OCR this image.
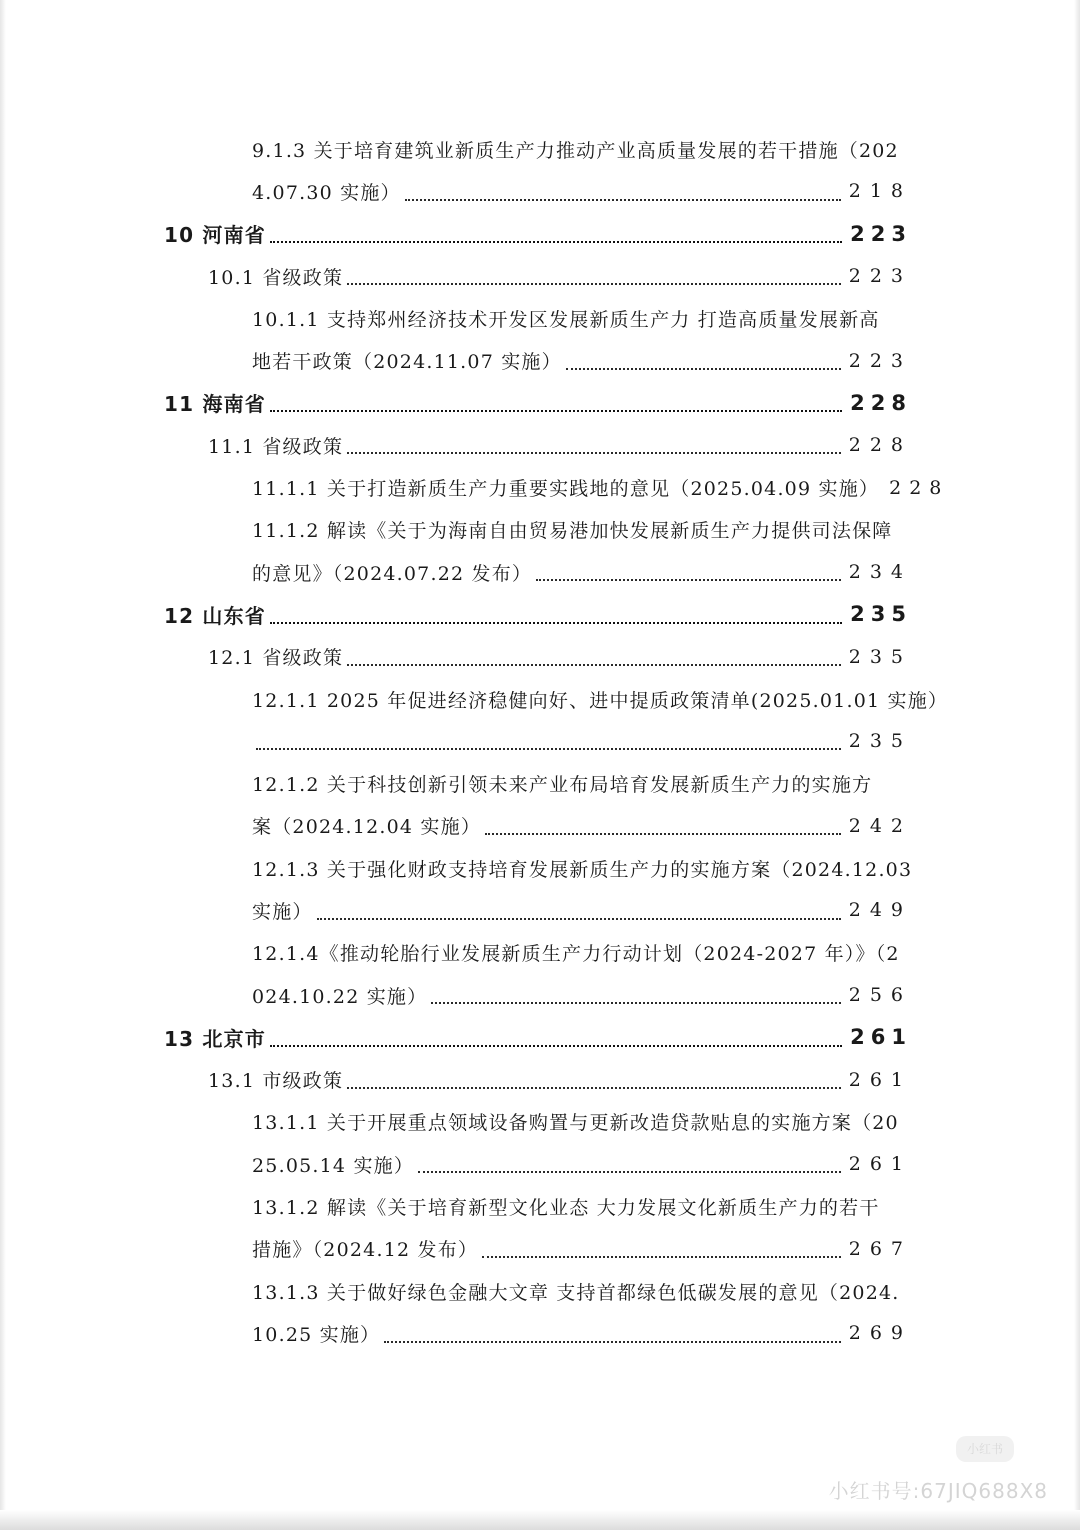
9.1.3 关于培育建筑业新质生产力推动产业高质量发展的若干措施（202
4.07.30 实施）	218
10 河南省	223
10.1 省级政策	223
10.1.1 支持郑州经济技术开发区发展新质生产力 打造高质量发展新高
地若干政策（2024.11.07 实施）	223
11 海南省	228
11.1 省级政策	228
11.1.1 关于打造新质生产力重要实践地的意见（2025.04.09 实施） 228
11.1.2 解读《关于为海南自由贸易港加快发展新质生产力提供司法保障
的意见》（2024.07.22 发布）	234
12 山东省	235
12.1 省级政策	235
12.1.1 2025 年促进经济稳健向好、进中提质政策清单(2025.01.01 实施）
235
12.1.2 关于科技创新引领未来产业布局培育发展新质生产力的实施方
案（2024.12.04 实施）	242
12.1.3 关于强化财政支持培育发展新质生产力的实施方案（2024.12.03
实施）	249
12.1.4《推动轮胎行业发展新质生产力行动计划（2024-2027 年）》（2
024.10.22 实施）	256
13 北京市	261
13.1 市级政策	261
13.1.1 关于开展重点领域设备购置与更新改造贷款贴息的实施方案（20
25.05.14 实施）	261
13.1.2 解读《关于培育新型文化业态 大力发展文化新质生产力的若干
措施》（2024.12 发布）	267
13.1.3 关于做好绿色金融大文章 支持首都绿色低碳发展的意见（2024.
10.25 实施）	269
小红书
小红书号:67JIQ688X8
